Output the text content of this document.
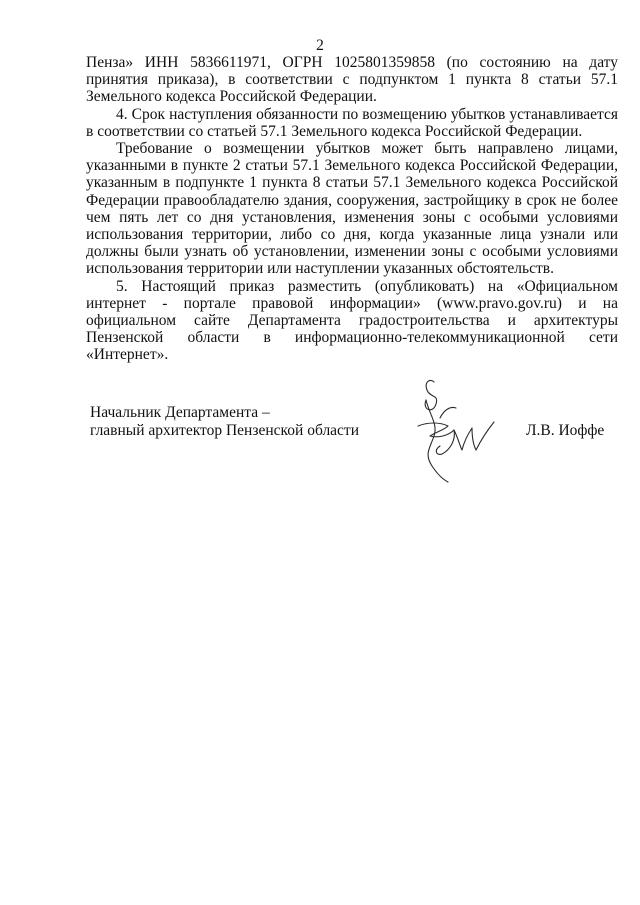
2

Пенза» ИНН 5836611971, ОГРН 1025801359858 (по состоянию на дату принятия приказа), в соответствии с подпунктом 1 пункта 8 статьи 57.1 Земельного кодекса Российской Федерации.

4. Срок наступления обязанности по возмещению убытков устанавливается в соответствии со статьей 57.1 Земельного кодекса Российской Федерации.

Требование о возмещении убытков может быть направлено лицами, указанными в пункте 2 статьи 57.1 Земельного кодекса Российской Федерации, указанным в подпункте 1 пункта 8 статьи 57.1 Земельного кодекса Российской Федерации правообладателю здания, сооружения, застройщику в срок не более чем пять лет со дня установления, изменения зоны с особыми условиями использования территории, либо со дня, когда указанные лица узнали или должны были узнать об установлении, изменении зоны с особыми условиями использования территории или наступлении указанных обстоятельств.

5. Настоящий приказ разместить (опубликовать) на «Официальном интернет - портале правовой информации» (www.pravo.gov.ru) и на официальном сайте Департамента градостроительства и архитектуры Пензенской области в информационно-телекоммуникационной сети «Интернет».

Начальник Департамента –
главный архитектор Пензенской области	Л.В. Иоффе
